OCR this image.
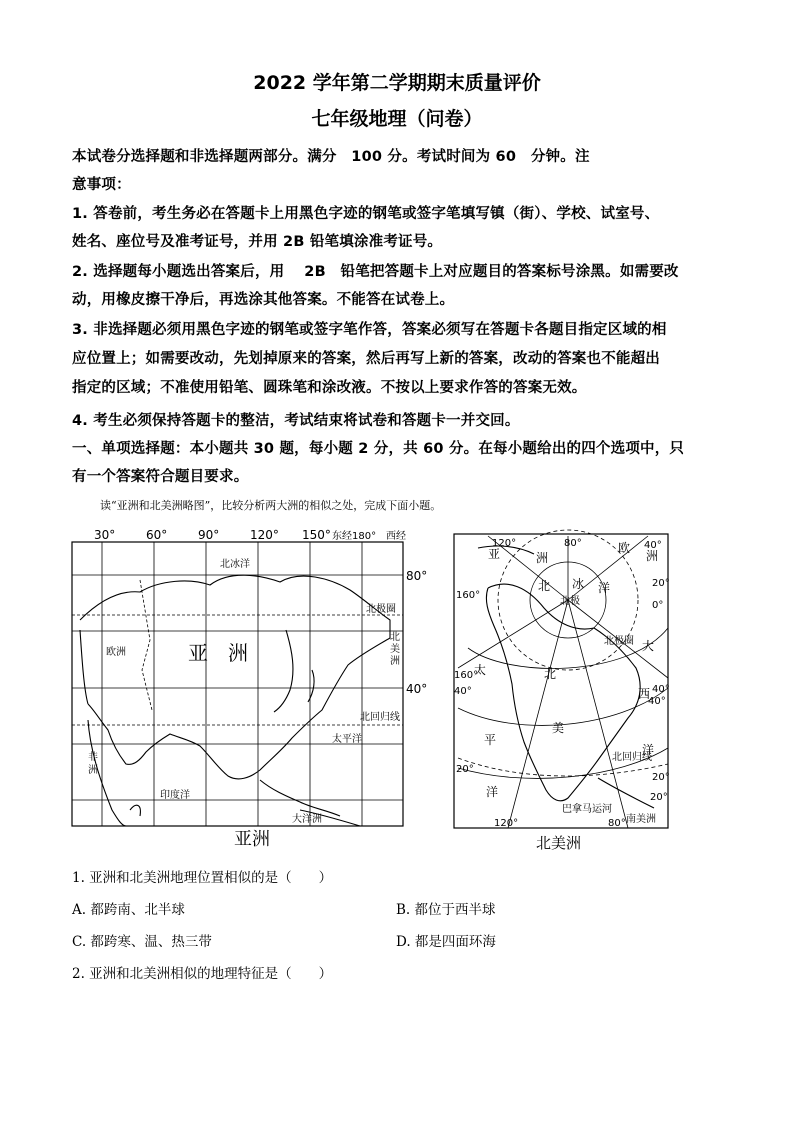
2022 学年第二学期期末质量评价
七年级地理（问卷）
本试卷分选择题和非选择题两部分。满分　100 分。考试时间为 60　分钟。注
意事项：
1. 答卷前，考生务必在答题卡上用黑色字迹的钢笔或签字笔填写镇（街）、学校、试室号、
姓名、座位号及准考证号，并用 2B 铅笔填涂准考证号。
2. 选择题每小题选出答案后，用　 2B　铅笔把答题卡上对应题目的答案标号涂黑。如需要改
动，用橡皮擦干净后，再选涂其他答案。不能答在试卷上。
3. 非选择题必须用黑色字迹的钢笔或签字笔作答，答案必须写在答题卡各题目指定区域的相
应位置上；如需要改动，先划掉原来的答案，然后再写上新的答案，改动的答案也不能超出
指定的区域；不准使用铅笔、圆珠笔和涂改液。不按以上要求作答的答案无效。
4. 考生必须保持答题卡的整洁，考试结束将试卷和答题卡一并交回。
一、单项选择题：本小题共 30 题，每小题 2 分，共 60 分。在每小题给出的四个选项中，只
有一个答案符合题目要求。
读“亚洲和北美洲略图”，比较分析两大洲的相似之处，完成下面小题。
30°	60°	90°	120° 150° 东经180° 西经
80°
40°
北冰洋
北极圈
欧洲
北回归线
太平洋
印度洋
大洋洲
亚　洲
北美洲
非洲
亚洲
120°	80°	40°
160°
0°
20°
160°
40°	40°
40°
20°
20°
20°
120°	80°
北极圈
北极
北回归线
巴拿马运河
南美洲
亚	洲
欧
洲
北 冰 洋
太	北
大
西
美
平
洋
洋
北美洲
1. 亚洲和北美洲地理位置相似的是（　　）
A. 都跨南、北半球	B. 都位于西半球
C. 都跨寒、温、热三带	D. 都是四面环海
2. 亚洲和北美洲相似的地理特征是（　　）
